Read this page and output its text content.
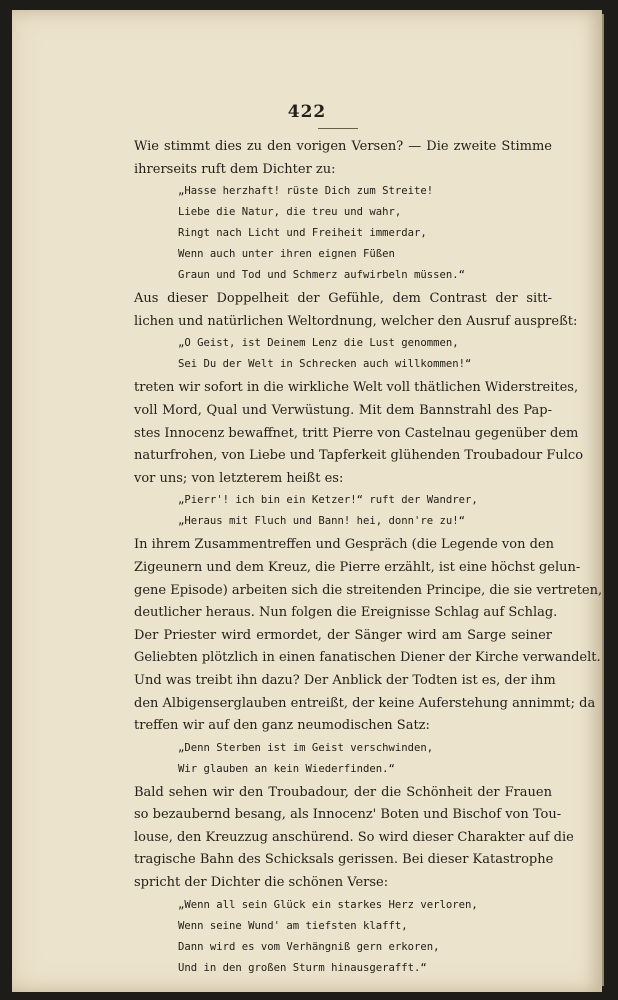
422
Wie stimmt dies zu den vorigen Versen? — Die zweite Stimme
ihrerseits ruft dem Dichter zu:
„Hasse herzhaft! rüste Dich zum Streite!
Liebe die Natur, die treu und wahr,
Ringt nach Licht und Freiheit immerdar,
Wenn auch unter ihren eignen Füßen
Graun und Tod und Schmerz aufwirbeln müssen.“
Aus dieser Doppelheit der Gefühle, dem Contrast der sitt-
lichen und natürlichen Weltordnung, welcher den Ausruf auspreßt:
„O Geist, ist Deinem Lenz die Lust genommen,
Sei Du der Welt in Schrecken auch willkommen!“
treten wir sofort in die wirkliche Welt voll thätlichen Widerstreites,
voll Mord, Qual und Verwüstung. Mit dem Bannstrahl des Pap-
stes Innocenz bewaffnet, tritt Pierre von Castelnau gegenüber dem
naturfrohen, von Liebe und Tapferkeit glühenden Troubadour Fulco
vor uns; von letzterem heißt es:
„Pierr'! ich bin ein Ketzer!“ ruft der Wandrer,
„Heraus mit Fluch und Bann! hei, donn're zu!“
In ihrem Zusammentreffen und Gespräch (die Legende von den
Zigeunern und dem Kreuz, die Pierre erzählt, ist eine höchst gelun-
gene Episode) arbeiten sich die streitenden Principe, die sie vertreten,
deutlicher heraus. Nun folgen die Ereignisse Schlag auf Schlag.
Der Priester wird ermordet, der Sänger wird am Sarge seiner
Geliebten plötzlich in einen fanatischen Diener der Kirche verwandelt.
Und was treibt ihn dazu? Der Anblick der Todten ist es, der ihm
den Albigenserglauben entreißt, der keine Auferstehung annimmt; da
treffen wir auf den ganz neumodischen Satz:
„Denn Sterben ist im Geist verschwinden,
Wir glauben an kein Wiederfinden.“
Bald sehen wir den Troubadour, der die Schönheit der Frauen
so bezaubernd besang, als Innocenz' Boten und Bischof von Tou-
louse, den Kreuzzug anschürend. So wird dieser Charakter auf die
tragische Bahn des Schicksals gerissen. Bei dieser Katastrophe
spricht der Dichter die schönen Verse:
„Wenn all sein Glück ein starkes Herz verloren,
Wenn seine Wund' am tiefsten klafft,
Dann wird es vom Verhängniß gern erkoren,
Und in den großen Sturm hinausgerafft.“
